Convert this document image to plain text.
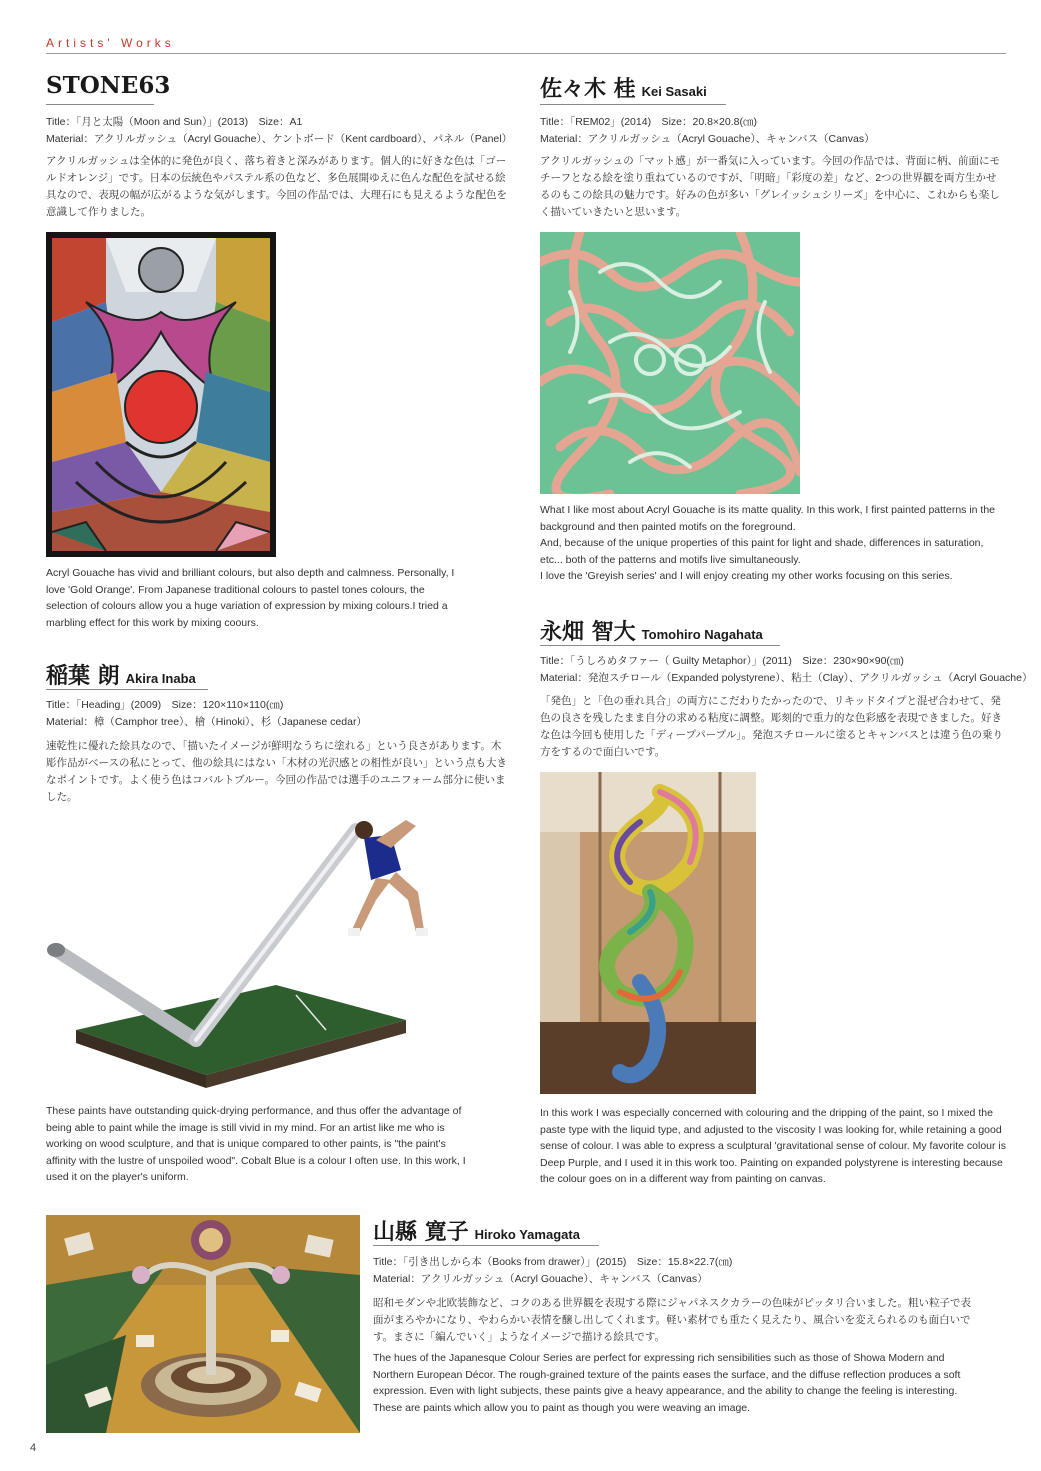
Artists' Works
STONE63
Title：「月と太陽（Moon and Sun）」(2013)　Size：A1
Material：アクリルガッシュ（Acryl Gouache）、ケントボード（Kent cardboard）、パネル（Panel）
アクリルガッシュは全体的に発色が良く、落ち着きと深みがあります。個人的に好きな色は「ゴールドオレンジ」です。日本の伝統色やパステル系の色など、多色展開ゆえに色んな配色を試せる絵具なので、表現の幅が広がるような気がします。今回の作品では、大理石にも見えるような配色を意識して作りました。
Acryl Gouache has vivid and brilliant colours, but also depth and calmness. Personally, I love 'Gold Orange'. From Japanese traditional colours to pastel tones colours, the selection of colours allow you a huge variation of expression by mixing colours.I tried a marbling effect for this work by mixing coours.
稲葉 朗 Akira Inaba
Title：「Heading」(2009)　Size：120×110×110(㎝)
Material：樟（Camphor tree）、檜（Hinoki）、杉（Japanese cedar）
速乾性に優れた絵具なので、「描いたイメージが鮮明なうちに塗れる」という良さがあります。木彫作品がベースの私にとって、他の絵具にはない「木材の光沢感との相性が良い」という点も大きなポイントです。よく使う色はコバルトブルー。今回の作品では選手のユニフォーム部分に使いました。
These paints have outstanding quick-drying performance, and thus offer the advantage of being able to paint while the image is still vivid in my mind. For an artist like me who is working on wood sculpture, and that is unique compared to other paints, is "the paint's affinity with the lustre of unspoiled wood". Cobalt Blue is a colour I often use. In this work, I used it on the player's uniform.
佐々木 桂 Kei Sasaki
Title：「REM02」(2014)　Size：20.8×20.8(㎝)
Material：アクリルガッシュ（Acryl Gouache）、キャンバス（Canvas）
アクリルガッシュの「マット感」が一番気に入っています。今回の作品では、背面に柄、前面にモチーフとなる絵を塗り重ねているのですが、「明暗」「彩度の差」など、2つの世界観を両方生かせるのもこの絵具の魅力です。好みの色が多い「グレイッシュシリーズ」を中心に、これからも楽しく描いていきたいと思います。
What I like most about Acryl Gouache is its matte quality. In this work, I first painted patterns in the background and then painted motifs on the foreground.
And, because of the unique properties of this paint for light and shade, differences in saturation, etc... both of the patterns and motifs live simultaneously.
I love the 'Greyish series' and I will enjoy creating my other works focusing on this series.
永畑 智大 Tomohiro Nagahata
Title：「うしろめタファー（ Guilty Metaphor）」(2011)　Size：230×90×90(㎝)
Material：発泡スチロール（Expanded polystyrene）、粘土（Clay）、アクリルガッシュ（Acryl Gouache）
「発色」と「色の垂れ具合」の両方にこだわりたかったので、リキッドタイプと混ぜ合わせて、発色の良さを残したまま自分の求める粘度に調整。彫刻的で重力的な色彩感を表現できました。好きな色は今回も使用した「ディープパープル」。発泡スチロールに塗るとキャンバスとは違う色の乗り方をするので面白いです。
In this work I was especially concerned with colouring and the dripping of the paint, so I mixed the paste type with the liquid type, and adjusted to the viscosity I was looking for, while retaining a good sense of colour. I was able to express a sculptural 'gravitational sense of colour. My favorite colour is Deep Purple, and I used it in this work too. Painting on expanded polystyrene is interesting because the colour goes on in a different way from painting on canvas.
山縣 寛子 Hiroko Yamagata
Title：「引き出しから本（Books from drawer）」(2015)　Size：15.8×22.7(㎝)
Material：アクリルガッシュ（Acryl Gouache）、キャンバス（Canvas）
昭和モダンや北欧装飾など、コクのある世界観を表現する際にジャパネスクカラーの色味がピッタリ合いました。粗い粒子で表面がまろやかになり、やわらかい表情を醸し出してくれます。軽い素材でも重たく見えたり、風合いを変えられるのも面白いです。まさに「編んでいく」ようなイメージで描ける絵具です。
The hues of the Japanesque Colour Series are perfect for expressing rich sensibilities such as those of Showa Modern and Northern European Décor. The rough-grained texture of the paints eases the surface, and the diffuse reflection produces a soft expression. Even with light subjects, these paints give a heavy appearance, and the ability to change the feeling is interesting. These are paints which allow you to paint as though you were weaving an image.
4
